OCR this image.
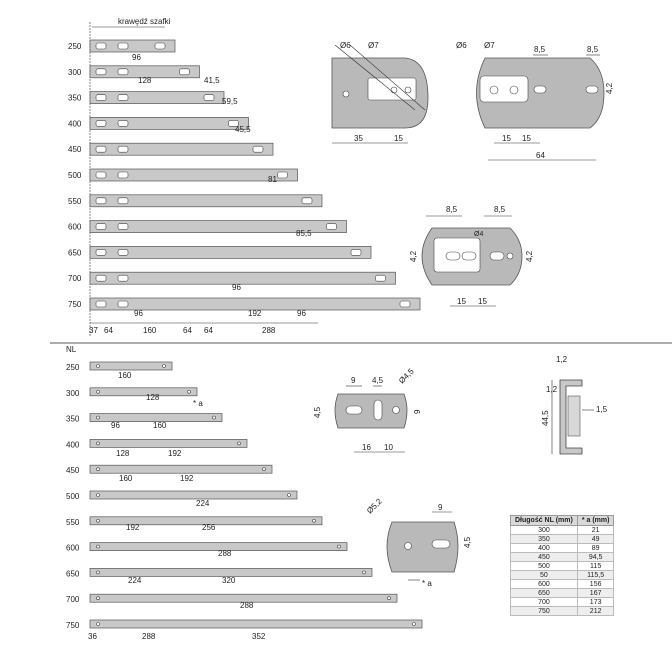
krawędź szafki
250
300
350
400
450
500
550
600
650
700
750
96
128	41,5
59,5
45,5
81
85,5
96
192	96
96
37 64	160	64 64	288
Ø6 Ø7
35	15
Ø6 Ø7	8,5	8,5
4,2
15 15
64
8,5	8,5
Ø4
4,2	4,2
15 15
NL
250
300
350
400
450
500
550
600
650
700
750
160
128
* a
96	160
128	192
160	192
224
192	256
288
224	320
288
36	288	352
9 4,5 Ø4,5
4,5	9
16 10
44,5
1,2
1,2
1,5
9
Ø5,2
4,5
* a
Długość NL (mm)	* a (mm)
300	21
350	49
400	89
450	94,5
500	115
50	115,5
600	156
650	167
700	173
750	212
